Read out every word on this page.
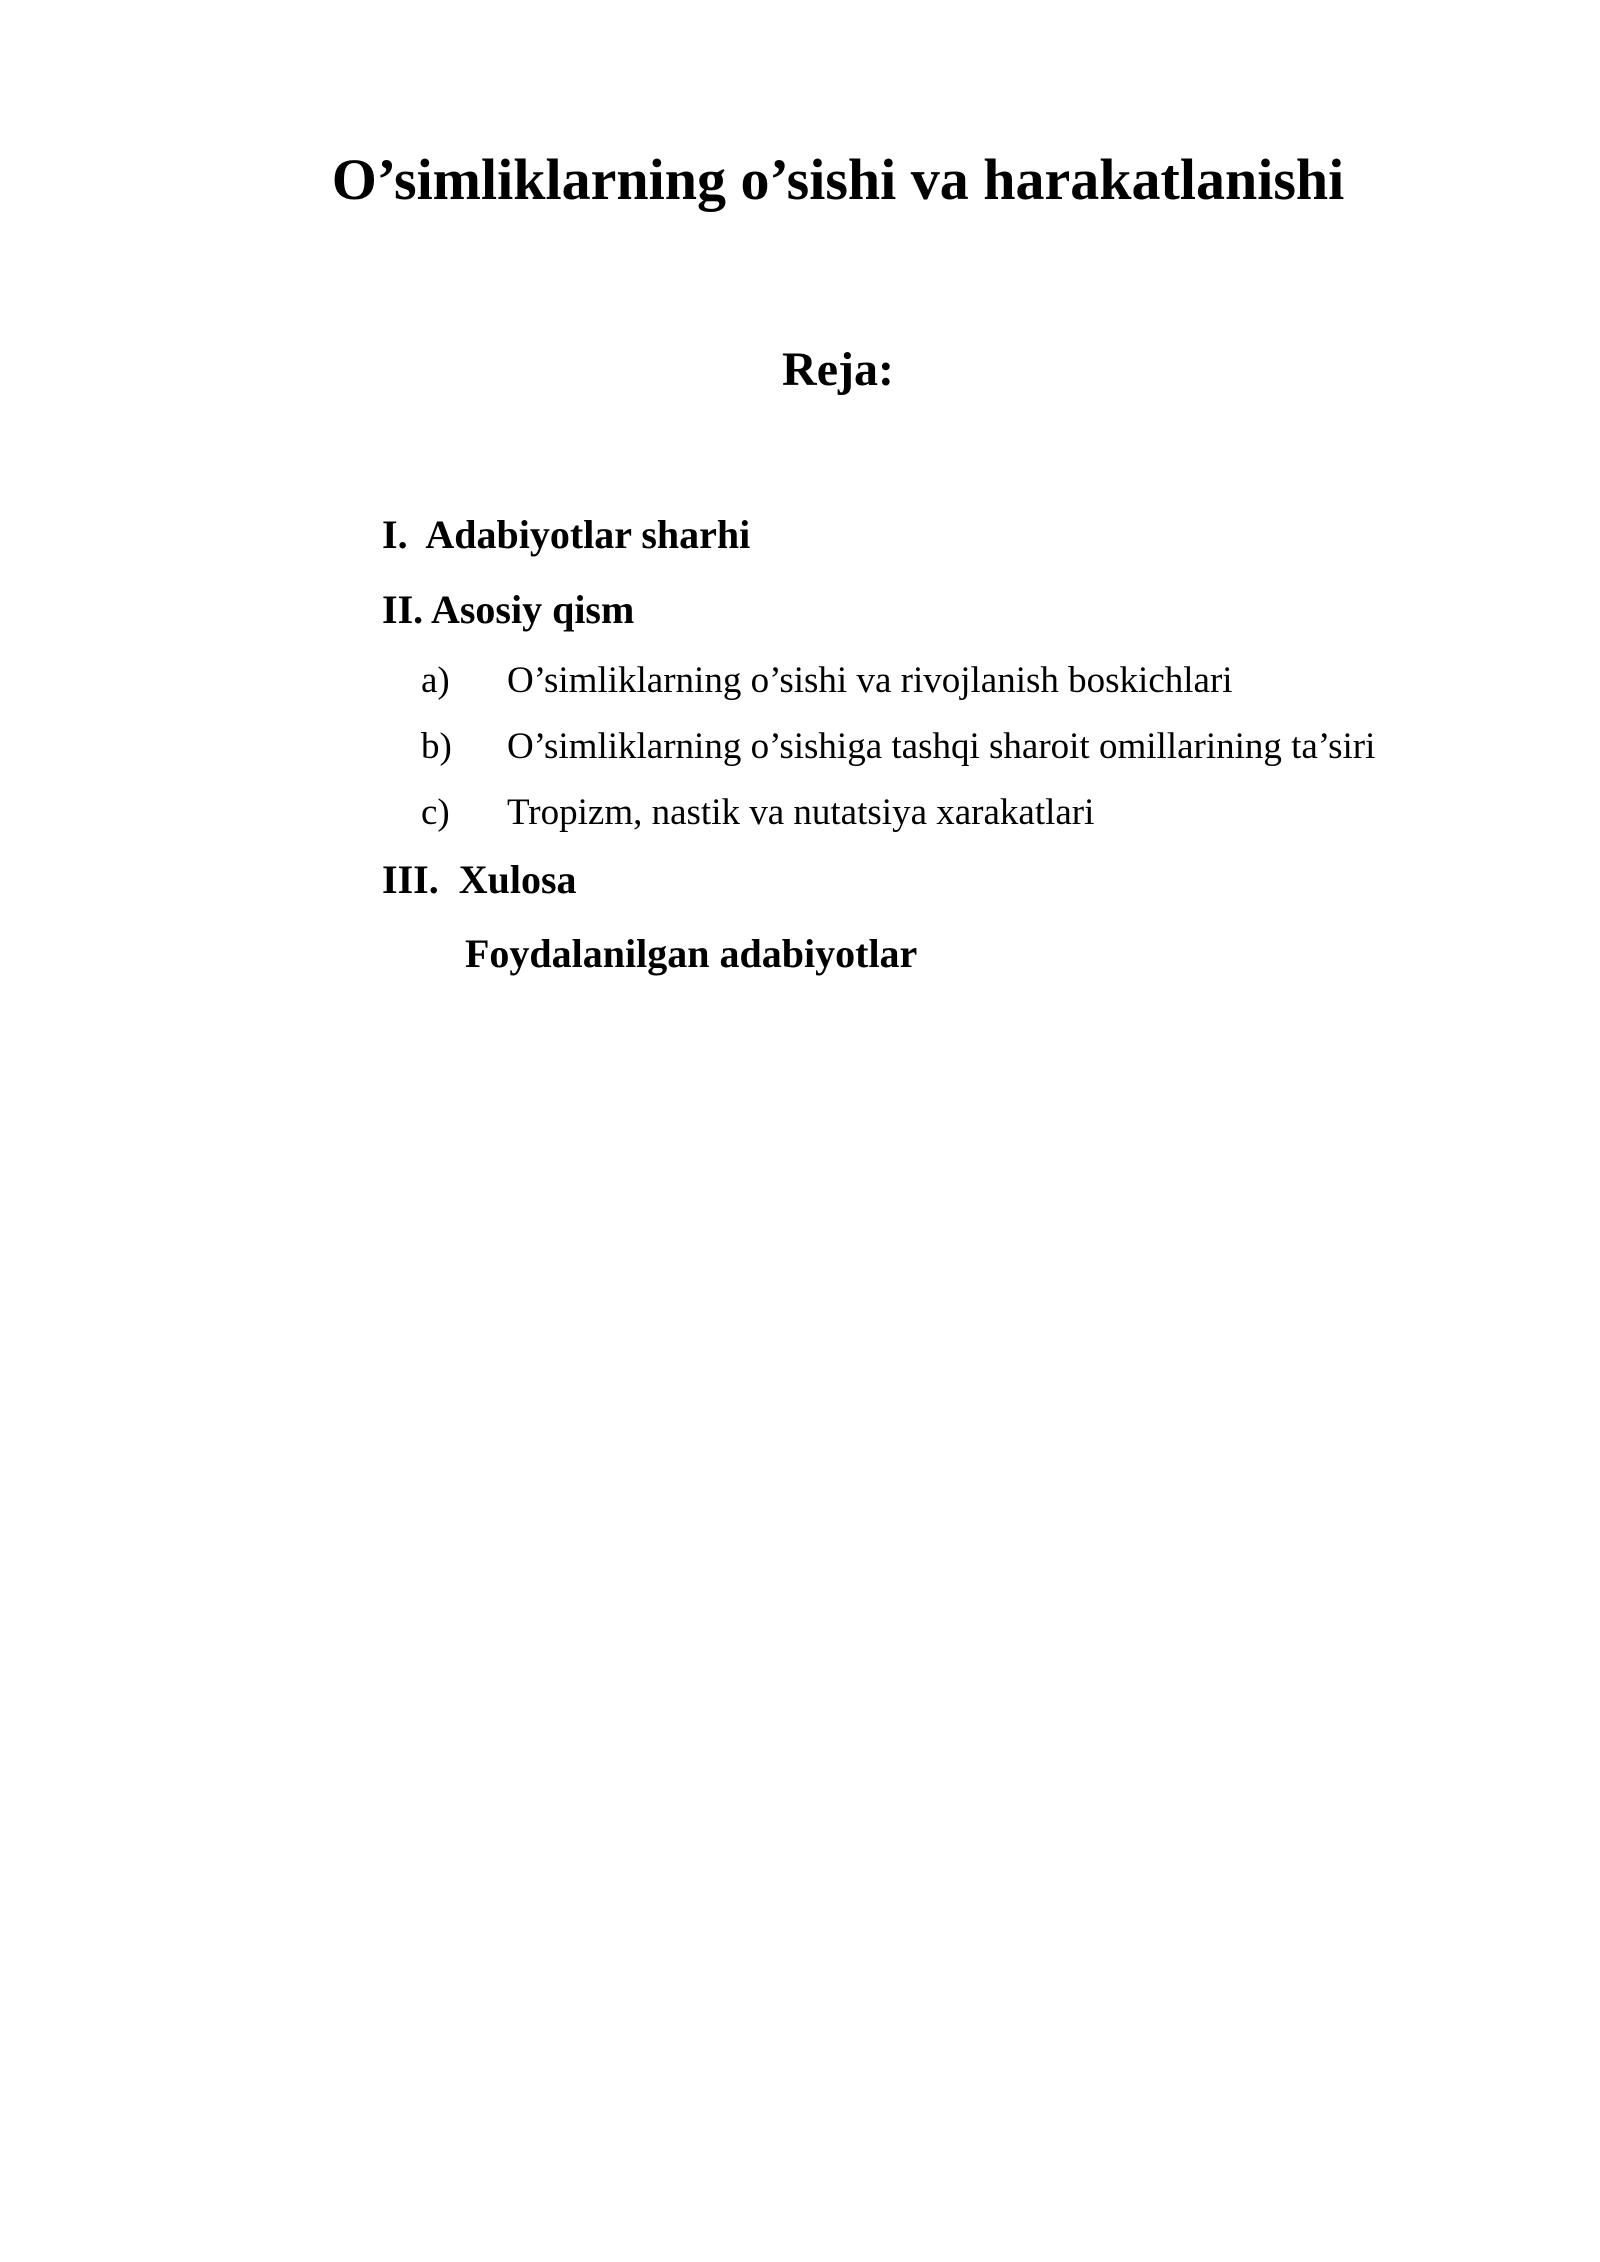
O’simliklarning o’sishi va harakatlanishi
Reja:
I. Adabiyotlar sharhi
II. Asosiy qism
a) O’simliklarning o’sishi va rivojlanish boskichlari
b) O’simliklarning o’sishiga tashqi sharoit omillarining ta’siri
c) Tropizm, nastik va nutatsiya xarakatlari
III. Xulosa
Foydalanilgan adabiyotlar
